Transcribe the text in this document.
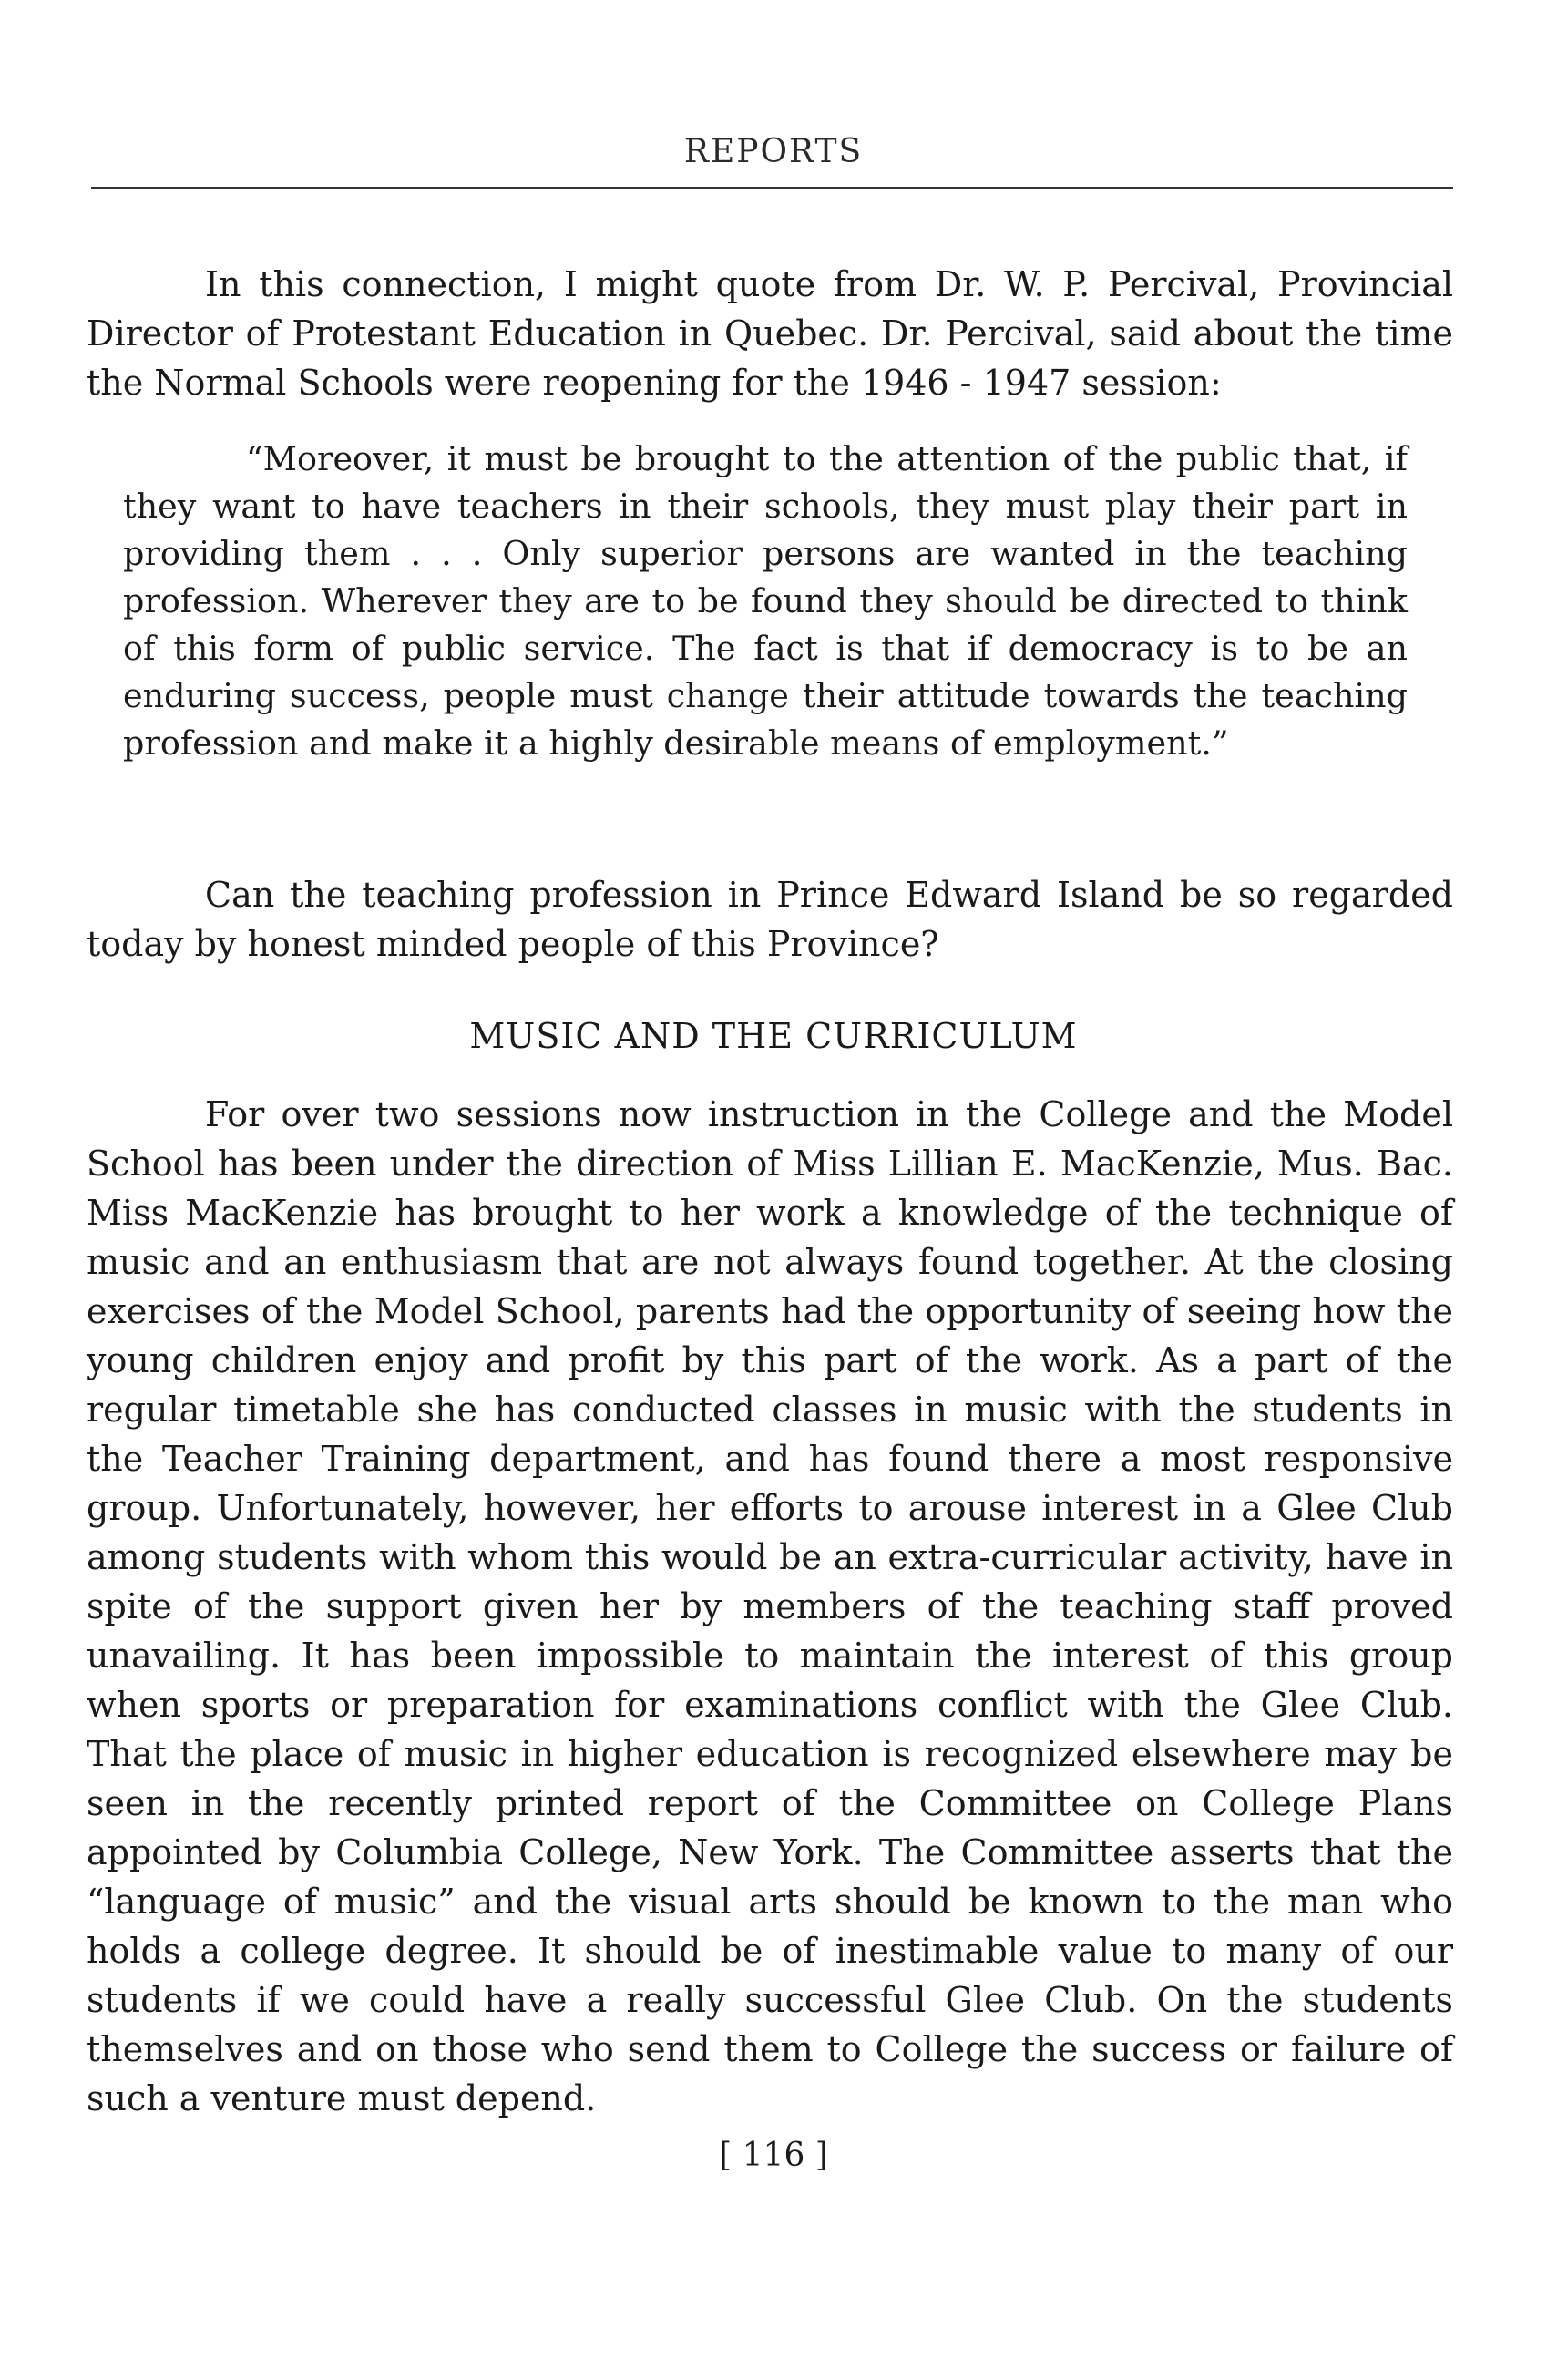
REPORTS

In this connection, I might quote from Dr. W. P. Percival, Provincial Director of Protestant Education in Quebec. Dr. Percival, said about the time the Normal Schools were reopening for the 1946 - 1947 session:

“Moreover, it must be brought to the attention of the public that, if they want to have teachers in their schools, they must play their part in providing them . . . Only superior persons are wanted in the teaching profession. Wherever they are to be found they should be directed to think of this form of public service. The fact is that if democracy is to be an enduring success, people must change their attitude towards the teaching profession and make it a highly desirable means of employment.”

Can the teaching profession in Prince Edward Island be so regarded today by honest minded people of this Province?

MUSIC AND THE CURRICULUM

For over two sessions now instruction in the College and the Model School has been under the direction of Miss Lillian E. MacKenzie, Mus. Bac. Miss MacKenzie has brought to her work a knowledge of the technique of music and an enthusiasm that are not always found together. At the closing exercises of the Model School, parents had the opportunity of seeing how the young children enjoy and profit by this part of the work. As a part of the regular timetable she has conducted classes in music with the students in the Teacher Training department, and has found there a most responsive group. Unfortunately, however, her efforts to arouse interest in a Glee Club among students with whom this would be an extra-curricular activity, have in spite of the support given her by members of the teaching staff proved unavailing. It has been impossible to maintain the interest of this group when sports or preparation for examinations conflict with the Glee Club. That the place of music in higher education is recognized elsewhere may be seen in the recently printed report of the Committee on College Plans appointed by Columbia College, New York. The Committee asserts that the “language of music” and the visual arts should be known to the man who holds a college degree. It should be of inestimable value to many of our students if we could have a really successful Glee Club. On the students themselves and on those who send them to College the success or failure of such a venture must depend.

[ 116 ]
